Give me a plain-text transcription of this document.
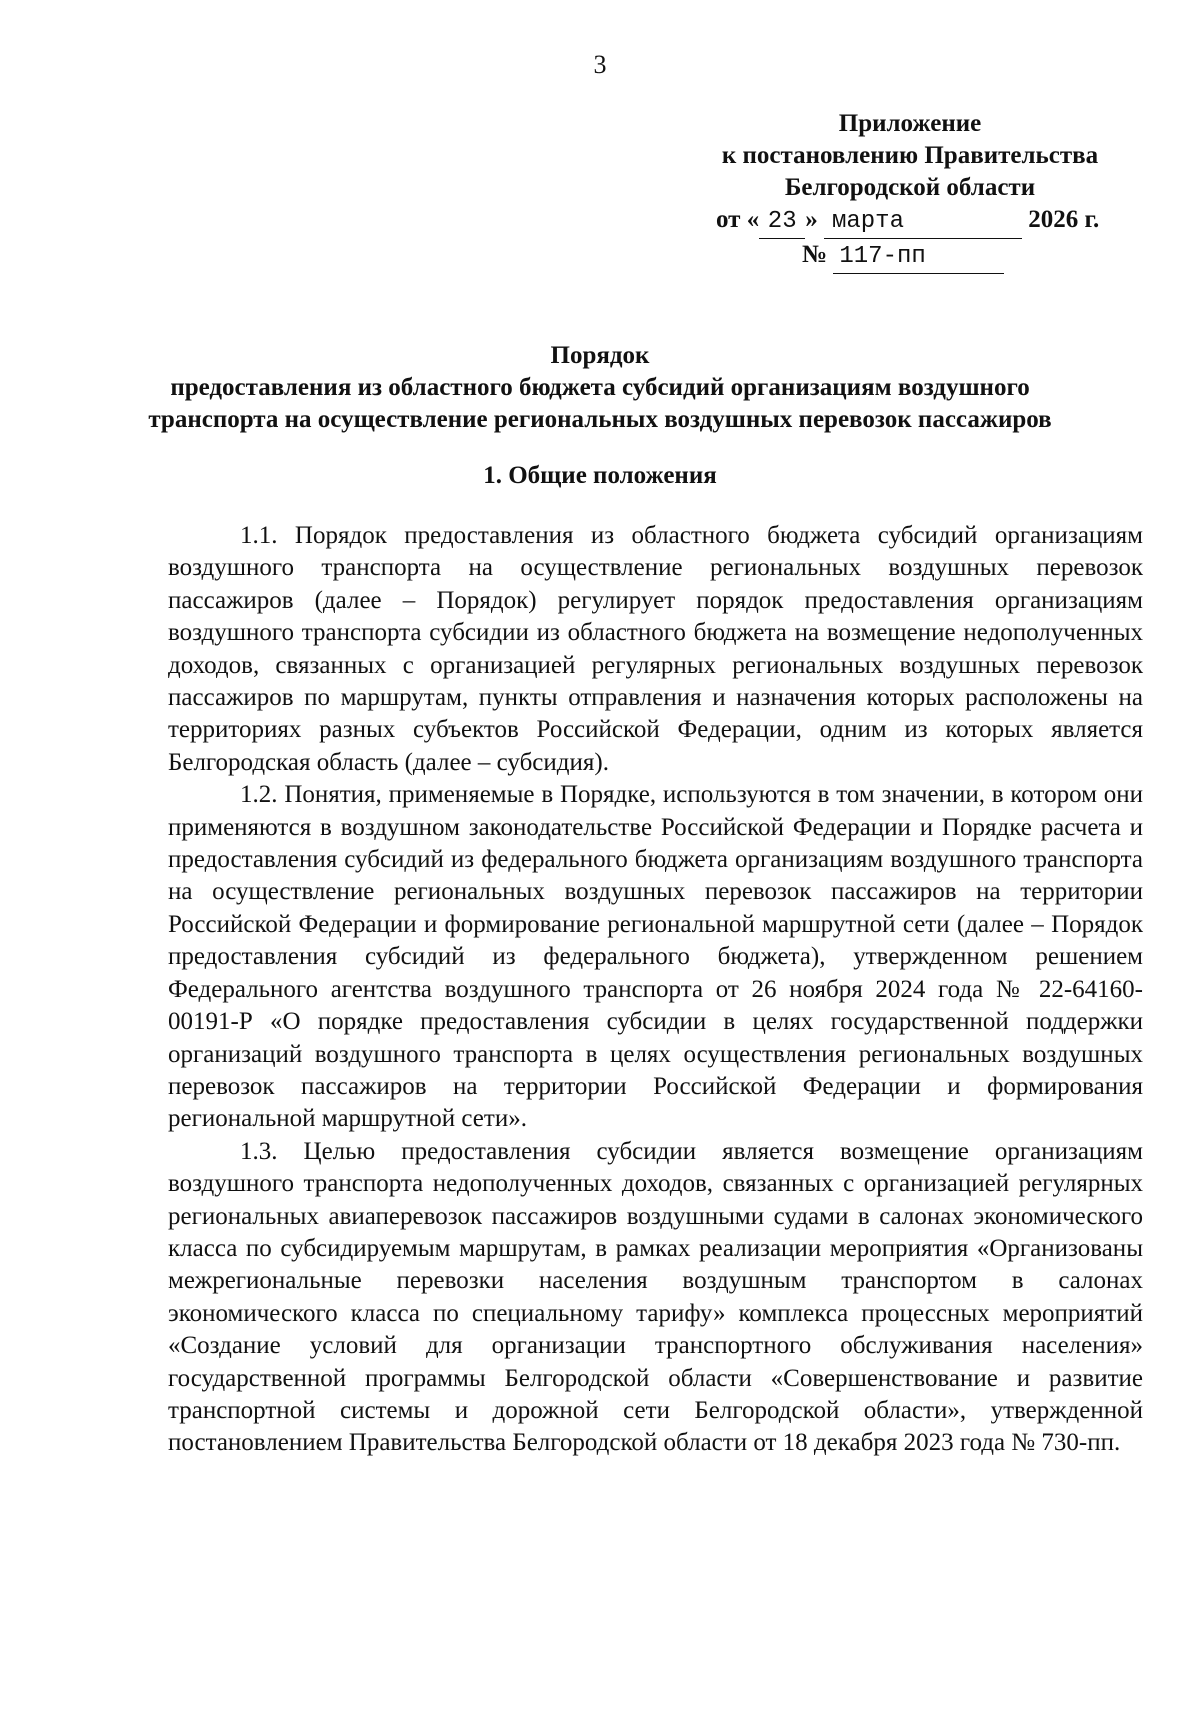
3
Приложение
к постановлению Правительства
Белгородской области
от « 23 » марта	2026 г.
№ 117-пп
Порядок
предоставления из областного бюджета субсидий организациям воздушного
транспорта на осуществление региональных воздушных перевозок пассажиров
1. Общие положения

1.1. Порядок предоставления из областного бюджета субсидий организациям воздушного транспорта на осуществление региональных воздушных перевозок пассажиров (далее – Порядок) регулирует порядок предоставления организациям воздушного транспорта субсидии из областного бюджета на возмещение недополученных доходов, связанных с организацией регулярных региональных воздушных перевозок пассажиров по маршрутам, пункты отправления и назначения которых расположены на территориях разных субъектов Российской Федерации, одним из которых является Белгородская область (далее – субсидия).

1.2. Понятия, применяемые в Порядке, используются в том значении, в котором они применяются в воздушном законодательстве Российской Федерации и Порядке расчета и предоставления субсидий из федерального бюджета организациям воздушного транспорта на осуществление региональных воздушных перевозок пассажиров на территории Российской Федерации и формирование региональной маршрутной сети (далее – Порядок предоставления субсидий из федерального бюджета), утвержденном решением Федерального агентства воздушного транспорта от 26 ноября 2024 года № 22-64160-00191-Р «О порядке предоставления субсидии в целях государственной поддержки организаций воздушного транспорта в целях осуществления региональных воздушных перевозок пассажиров на территории Российской Федерации и формирования региональной маршрутной сети».

1.3. Целью предоставления субсидии является возмещение организациям воздушного транспорта недополученных доходов, связанных с организацией регулярных региональных авиаперевозок пассажиров воздушными судами в салонах экономического класса по субсидируемым маршрутам, в рамках реализации мероприятия «Организованы межрегиональные перевозки населения воздушным транспортом в салонах экономического класса по специальному тарифу» комплекса процессных мероприятий «Создание условий для организации транспортного обслуживания населения» государственной программы Белгородской области «Совершенствование и развитие транспортной системы и дорожной сети Белгородской области», утвержденной постановлением Правительства Белгородской области от 18 декабря 2023 года № 730-пп.
